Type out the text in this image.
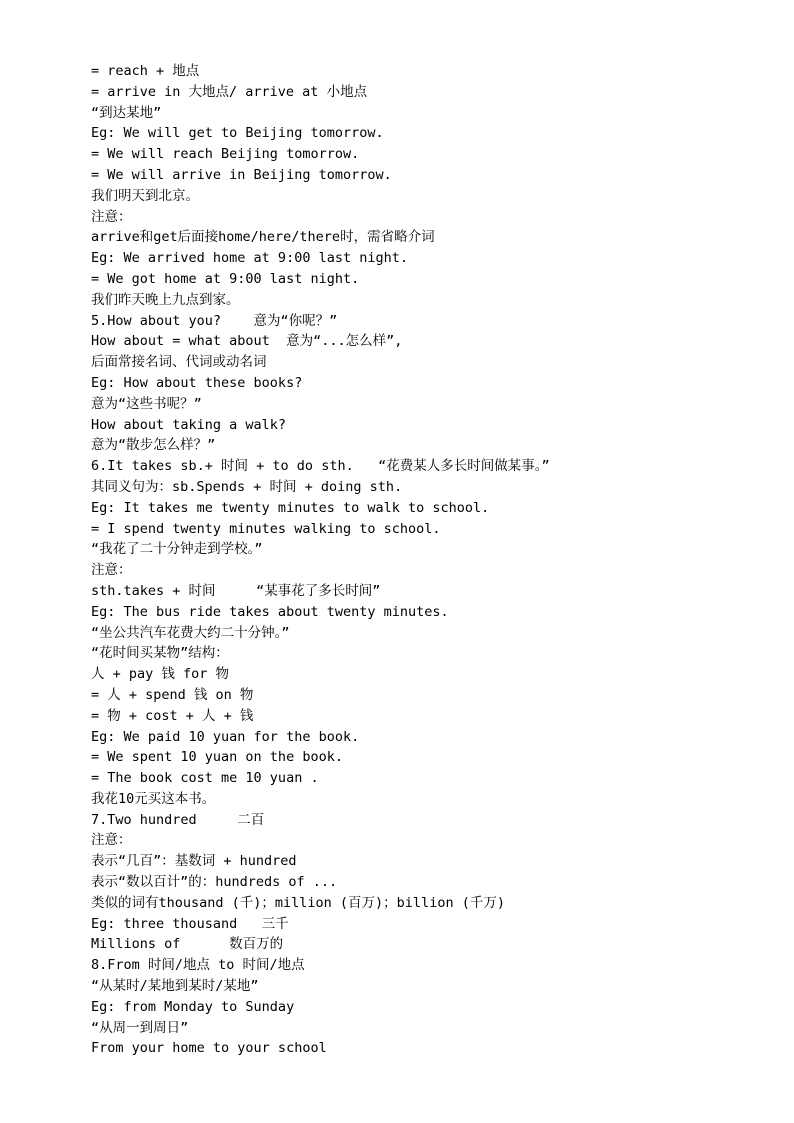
= reach + 地点
= arrive in 大地点/ arrive at 小地点
“到达某地”
Eg: We will get to Beijing tomorrow.
= We will reach Beijing tomorrow.
= We will arrive in Beijing tomorrow.
我们明天到北京。
注意：
arrive和get后面接home/here/there时，需省略介词
Eg: We arrived home at 9:00 last night.
= We got home at 9:00 last night.
我们昨天晚上九点到家。
5.How about you?    意为“你呢？”
How about = what about  意为“...怎么样”,
后面常接名词、代词或动名词
Eg: How about these books?
意为“这些书呢？”
How about taking a walk?
意为“散步怎么样？”
6.It takes sb.+ 时间 + to do sth.   “花费某人多长时间做某事。”
其同义句为：sb.Spends + 时间 + doing sth.
Eg: It takes me twenty minutes to walk to school.
= I spend twenty minutes walking to school.
“我花了二十分钟走到学校。”
注意：
sth.takes + 时间     “某事花了多长时间”
Eg: The bus ride takes about twenty minutes.
“坐公共汽车花费大约二十分钟。”
“花时间买某物”结构：
人 + pay 钱 for 物
= 人 + spend 钱 on 物
= 物 + cost + 人 + 钱
Eg: We paid 10 yuan for the book.
= We spent 10 yuan on the book.
= The book cost me 10 yuan .
我花10元买这本书。
7.Two hundred     二百
注意：
表示“几百”：基数词 + hundred
表示“数以百计”的：hundreds of ...
类似的词有thousand (千)；million (百万)；billion (千万)
Eg: three thousand   三千
Millions of      数百万的
8.From 时间/地点 to 时间/地点
“从某时/某地到某时/某地”
Eg: from Monday to Sunday
“从周一到周日”
From your home to your school
